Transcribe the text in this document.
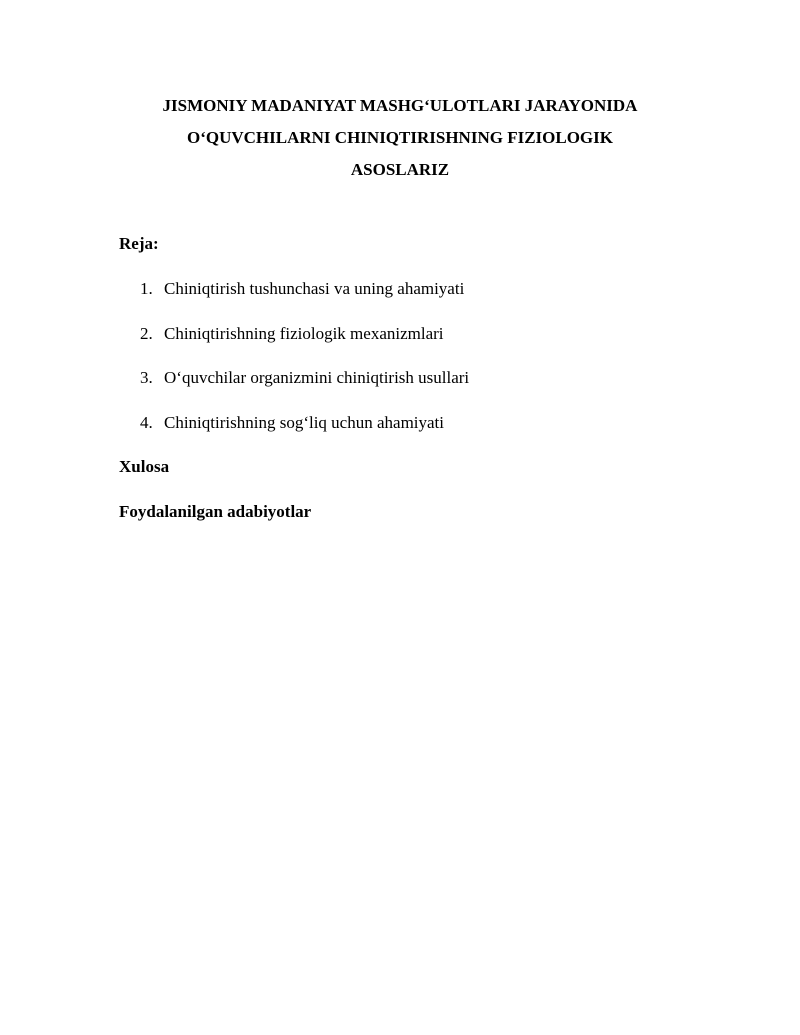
JISMONIY MADANIYAT MASHG‘ULOTLARI JARAYONIDA
O‘QUVCHILARNI CHINIQTIRISHNING FIZIOLOGIK
ASOSLARIZ

Reja:

1. Chiniqtirish tushunchasi va uning ahamiyati
2. Chiniqtirishning fiziologik mexanizmlari
3. O‘quvchilar organizmini chiniqtirish usullari
4. Chiniqtirishning sog‘liq uchun ahamiyati

Xulosa

Foydalanilgan adabiyotlar
